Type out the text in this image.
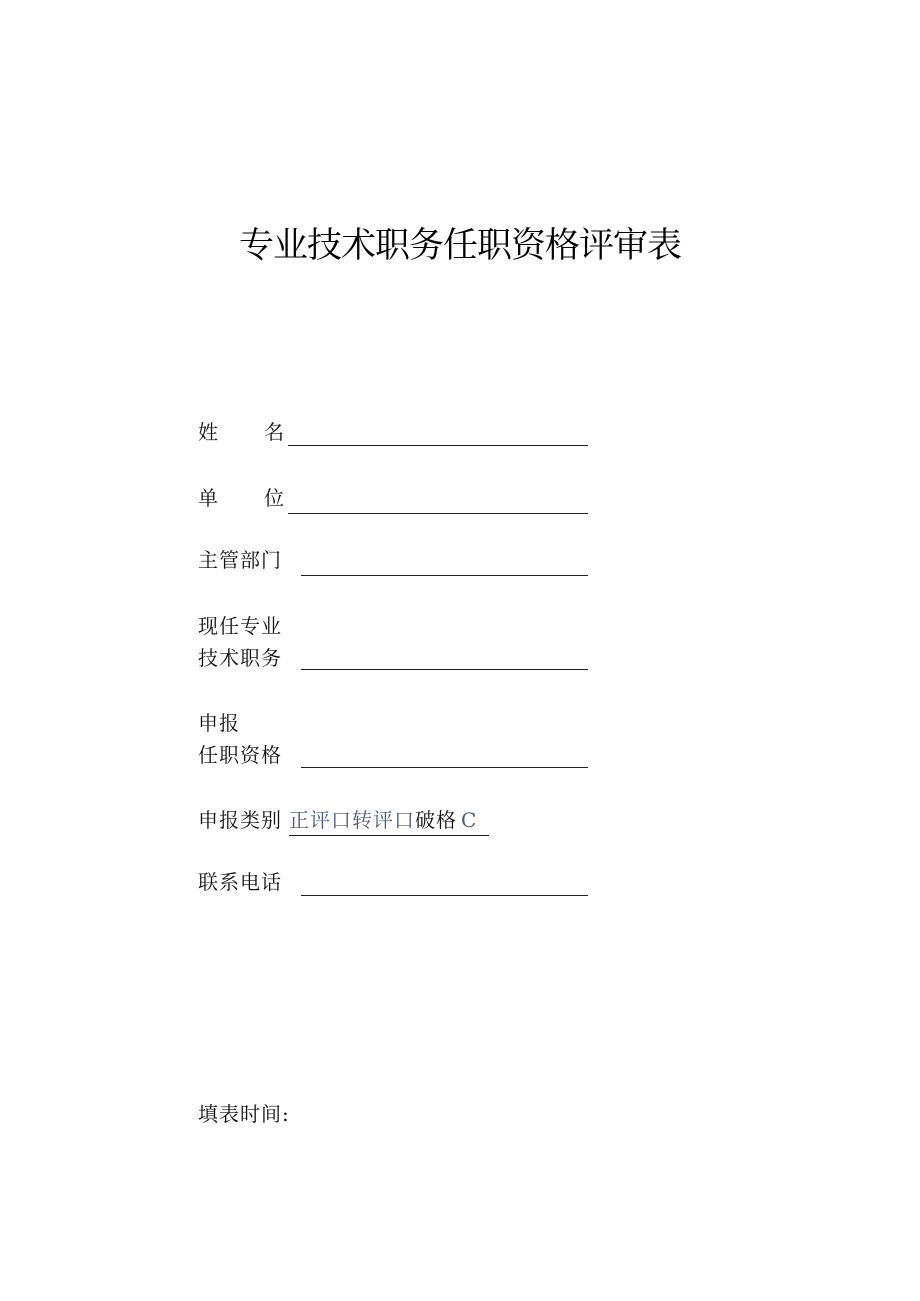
专业技术职务任职资格评审表
姓 名
单 位
主管部门
现任专业
技术职务
申报
任职资格
申报类别 正评口转评口破格 C
联系电话
填表时间:
